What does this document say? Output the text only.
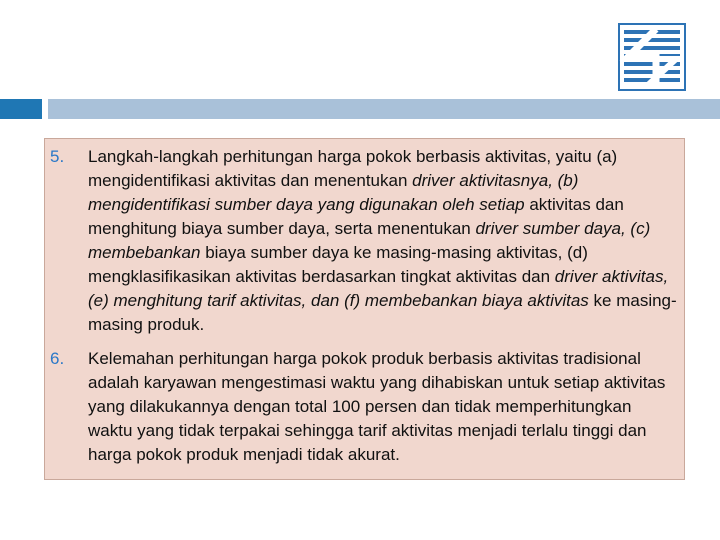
5.	Langkah-langkah perhitungan harga pokok berbasis aktivitas, yaitu (a) mengidentifikasi aktivitas dan menentukan driver aktivitasnya, (b) mengidentifikasi sumber daya yang digunakan oleh setiap aktivitas dan menghitung biaya sumber daya, serta menentukan driver sumber daya, (c) membebankan biaya sumber daya ke masing-masing aktivitas, (d) mengklasifikasikan aktivitas berdasarkan tingkat aktivitas dan driver aktivitas, (e) menghitung tarif aktivitas, dan (f) membebankan biaya aktivitas ke masing-masing produk.
6.	Kelemahan perhitungan harga pokok produk berbasis aktivitas tradisional adalah karyawan mengestimasi waktu yang dihabiskan untuk setiap aktivitas yang dilakukannya dengan total 100 persen dan tidak memperhitungkan waktu yang tidak terpakai sehingga tarif aktivitas menjadi terlalu tinggi dan harga pokok produk menjadi tidak akurat.
